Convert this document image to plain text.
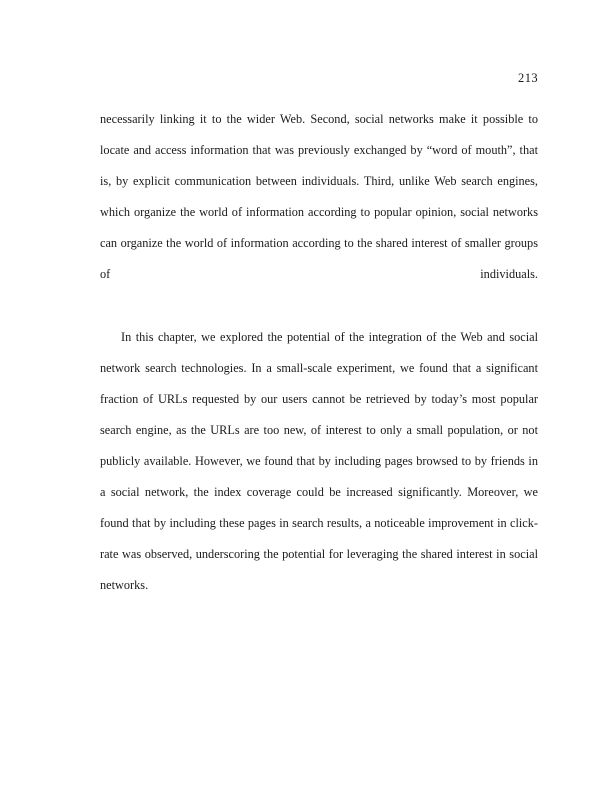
213

necessarily linking it to the wider Web. Second, social networks make it possible to locate and access information that was previously exchanged by “word of mouth”, that is, by explicit communication between individuals. Third, unlike Web search engines, which organize the world of information according to popular opinion, social networks can organize the world of information according to the shared interest of smaller groups of individuals.

In this chapter, we explored the potential of the integration of the Web and social network search technologies. In a small-scale experiment, we found that a significant fraction of URLs requested by our users cannot be retrieved by today’s most popular search engine, as the URLs are too new, of interest to only a small population, or not publicly available. However, we found that by including pages browsed to by friends in a social network, the index coverage could be increased significantly. Moreover, we found that by including these pages in search results, a noticeable improvement in click-rate was observed, underscoring the potential for leveraging the shared interest in social networks.
